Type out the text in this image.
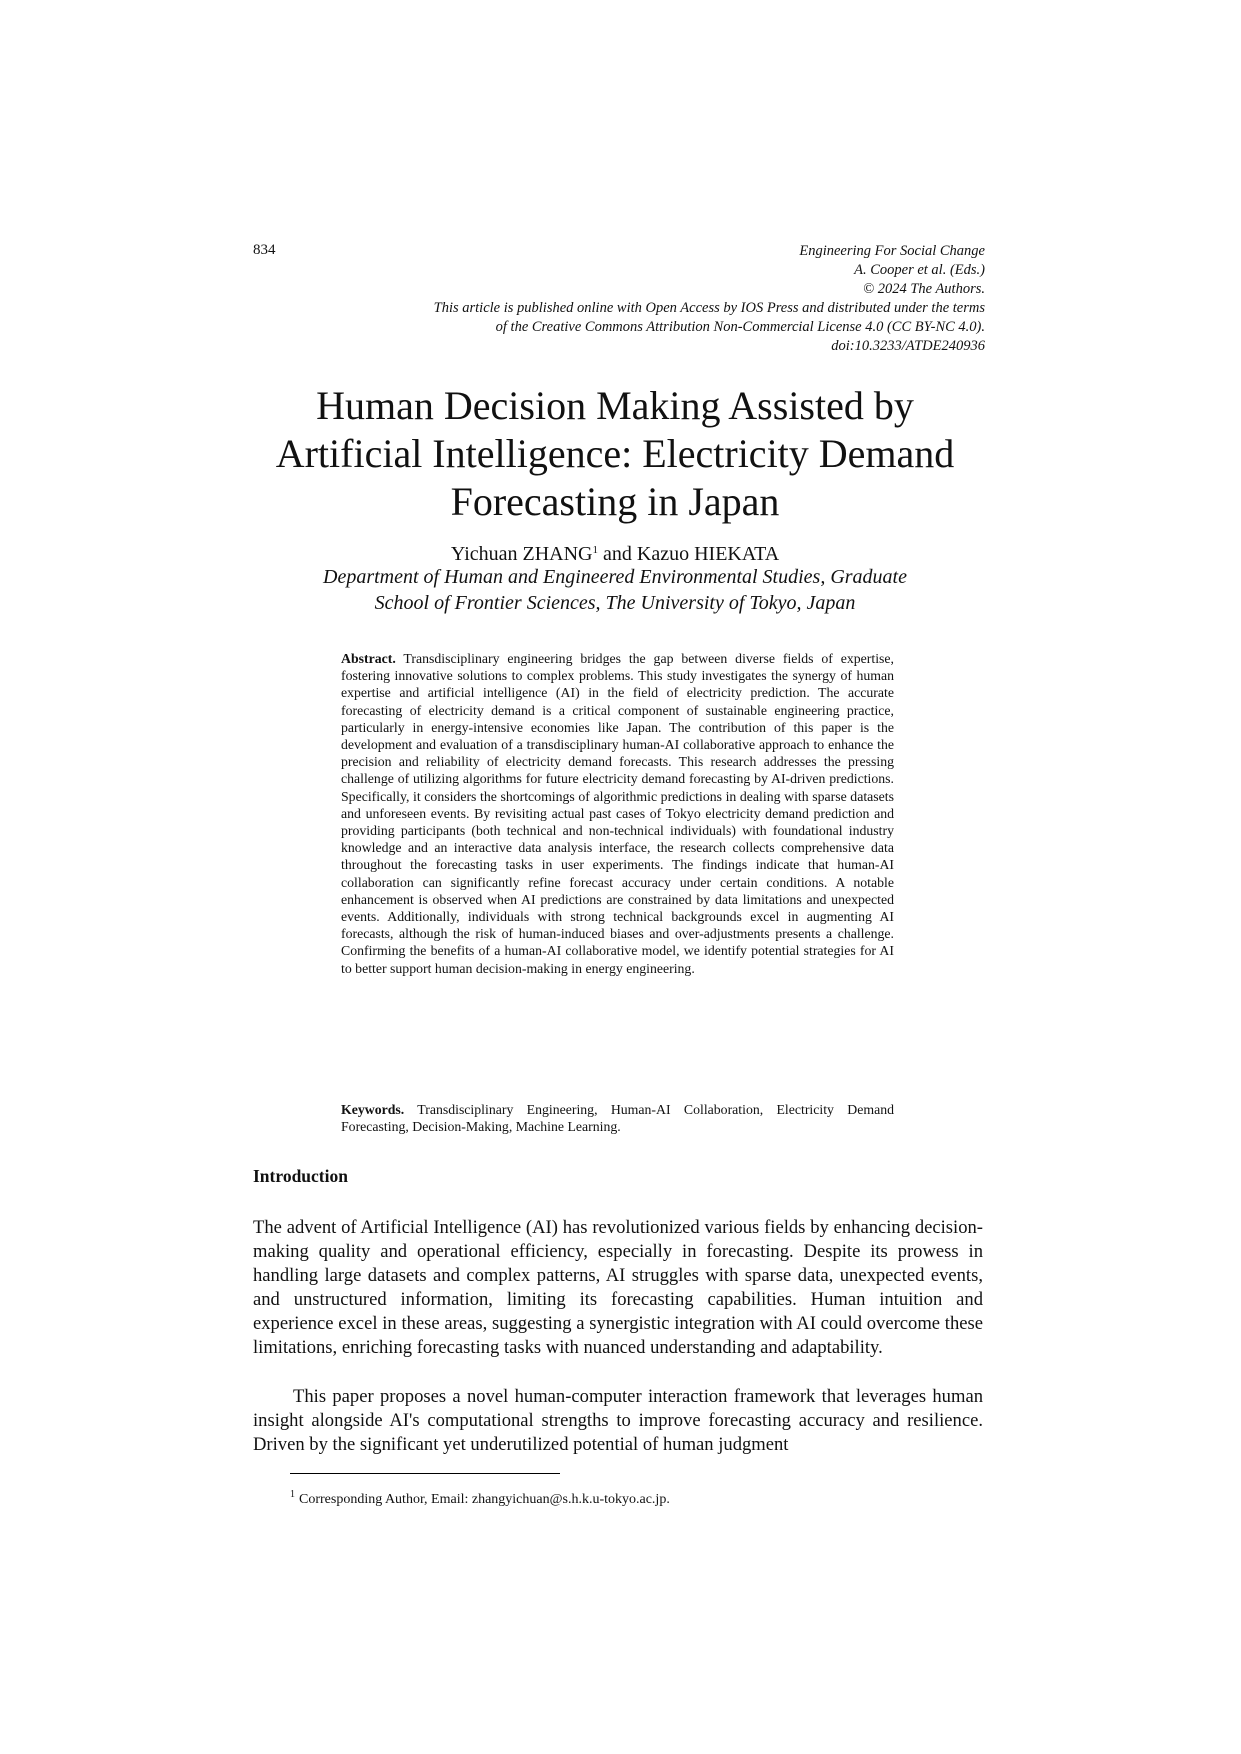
834	Engineering For Social Change
A. Cooper et al. (Eds.)
© 2024 The Authors.
This article is published online with Open Access by IOS Press and distributed under the terms
of the Creative Commons Attribution Non-Commercial License 4.0 (CC BY-NC 4.0).
doi:10.3233/ATDE240936
Human Decision Making Assisted by
Artificial Intelligence: Electricity Demand
Forecasting in Japan
Yichuan ZHANG$^1$ and Kazuo HIEKATA
Department of Human and Engineered Environmental Studies, Graduate
School of Frontier Sciences, The University of Tokyo, Japan

Abstract. Transdisciplinary engineering bridges the gap between diverse fields of expertise, fostering innovative solutions to complex problems. This study investigates the synergy of human expertise and artificial intelligence (AI) in the field of electricity prediction. The accurate forecasting of electricity demand is a critical component of sustainable engineering practice, particularly in energy-intensive economies like Japan. The contribution of this paper is the development and evaluation of a transdisciplinary human-AI collaborative approach to enhance the precision and reliability of electricity demand forecasts. This research addresses the pressing challenge of utilizing algorithms for future electricity demand forecasting by AI-driven predictions. Specifically, it considers the shortcomings of algorithmic predictions in dealing with sparse datasets and unforeseen events. By revisiting actual past cases of Tokyo electricity demand prediction and providing participants (both technical and non-technical individuals) with foundational industry knowledge and an interactive data analysis interface, the research collects comprehensive data throughout the forecasting tasks in user experiments. The findings indicate that human-AI collaboration can significantly refine forecast accuracy under certain conditions. A notable enhancement is observed when AI predictions are constrained by data limitations and unexpected events. Additionally, individuals with strong technical backgrounds excel in augmenting AI forecasts, although the risk of human-induced biases and over-adjustments presents a challenge. Confirming the benefits of a human-AI collaborative model, we identify potential strategies for AI to better support human decision-making in energy engineering.

Keywords. Transdisciplinary Engineering, Human-AI Collaboration, Electricity Demand Forecasting, Decision-Making, Machine Learning.

Introduction

The advent of Artificial Intelligence (AI) has revolutionized various fields by enhancing decision-making quality and operational efficiency, especially in forecasting. Despite its prowess in handling large datasets and complex patterns, AI struggles with sparse data, unexpected events, and unstructured information, limiting its forecasting capabilities. Human intuition and experience excel in these areas, suggesting a synergistic integration with AI could overcome these limitations, enriching forecasting tasks with nuanced understanding and adaptability.

This paper proposes a novel human-computer interaction framework that leverages human insight alongside AI's computational strengths to improve forecasting accuracy and resilience. Driven by the significant yet underutilized potential of human judgment

$^1$ Corresponding Author, Email: zhangyichuan@s.h.k.u-tokyo.ac.jp.
